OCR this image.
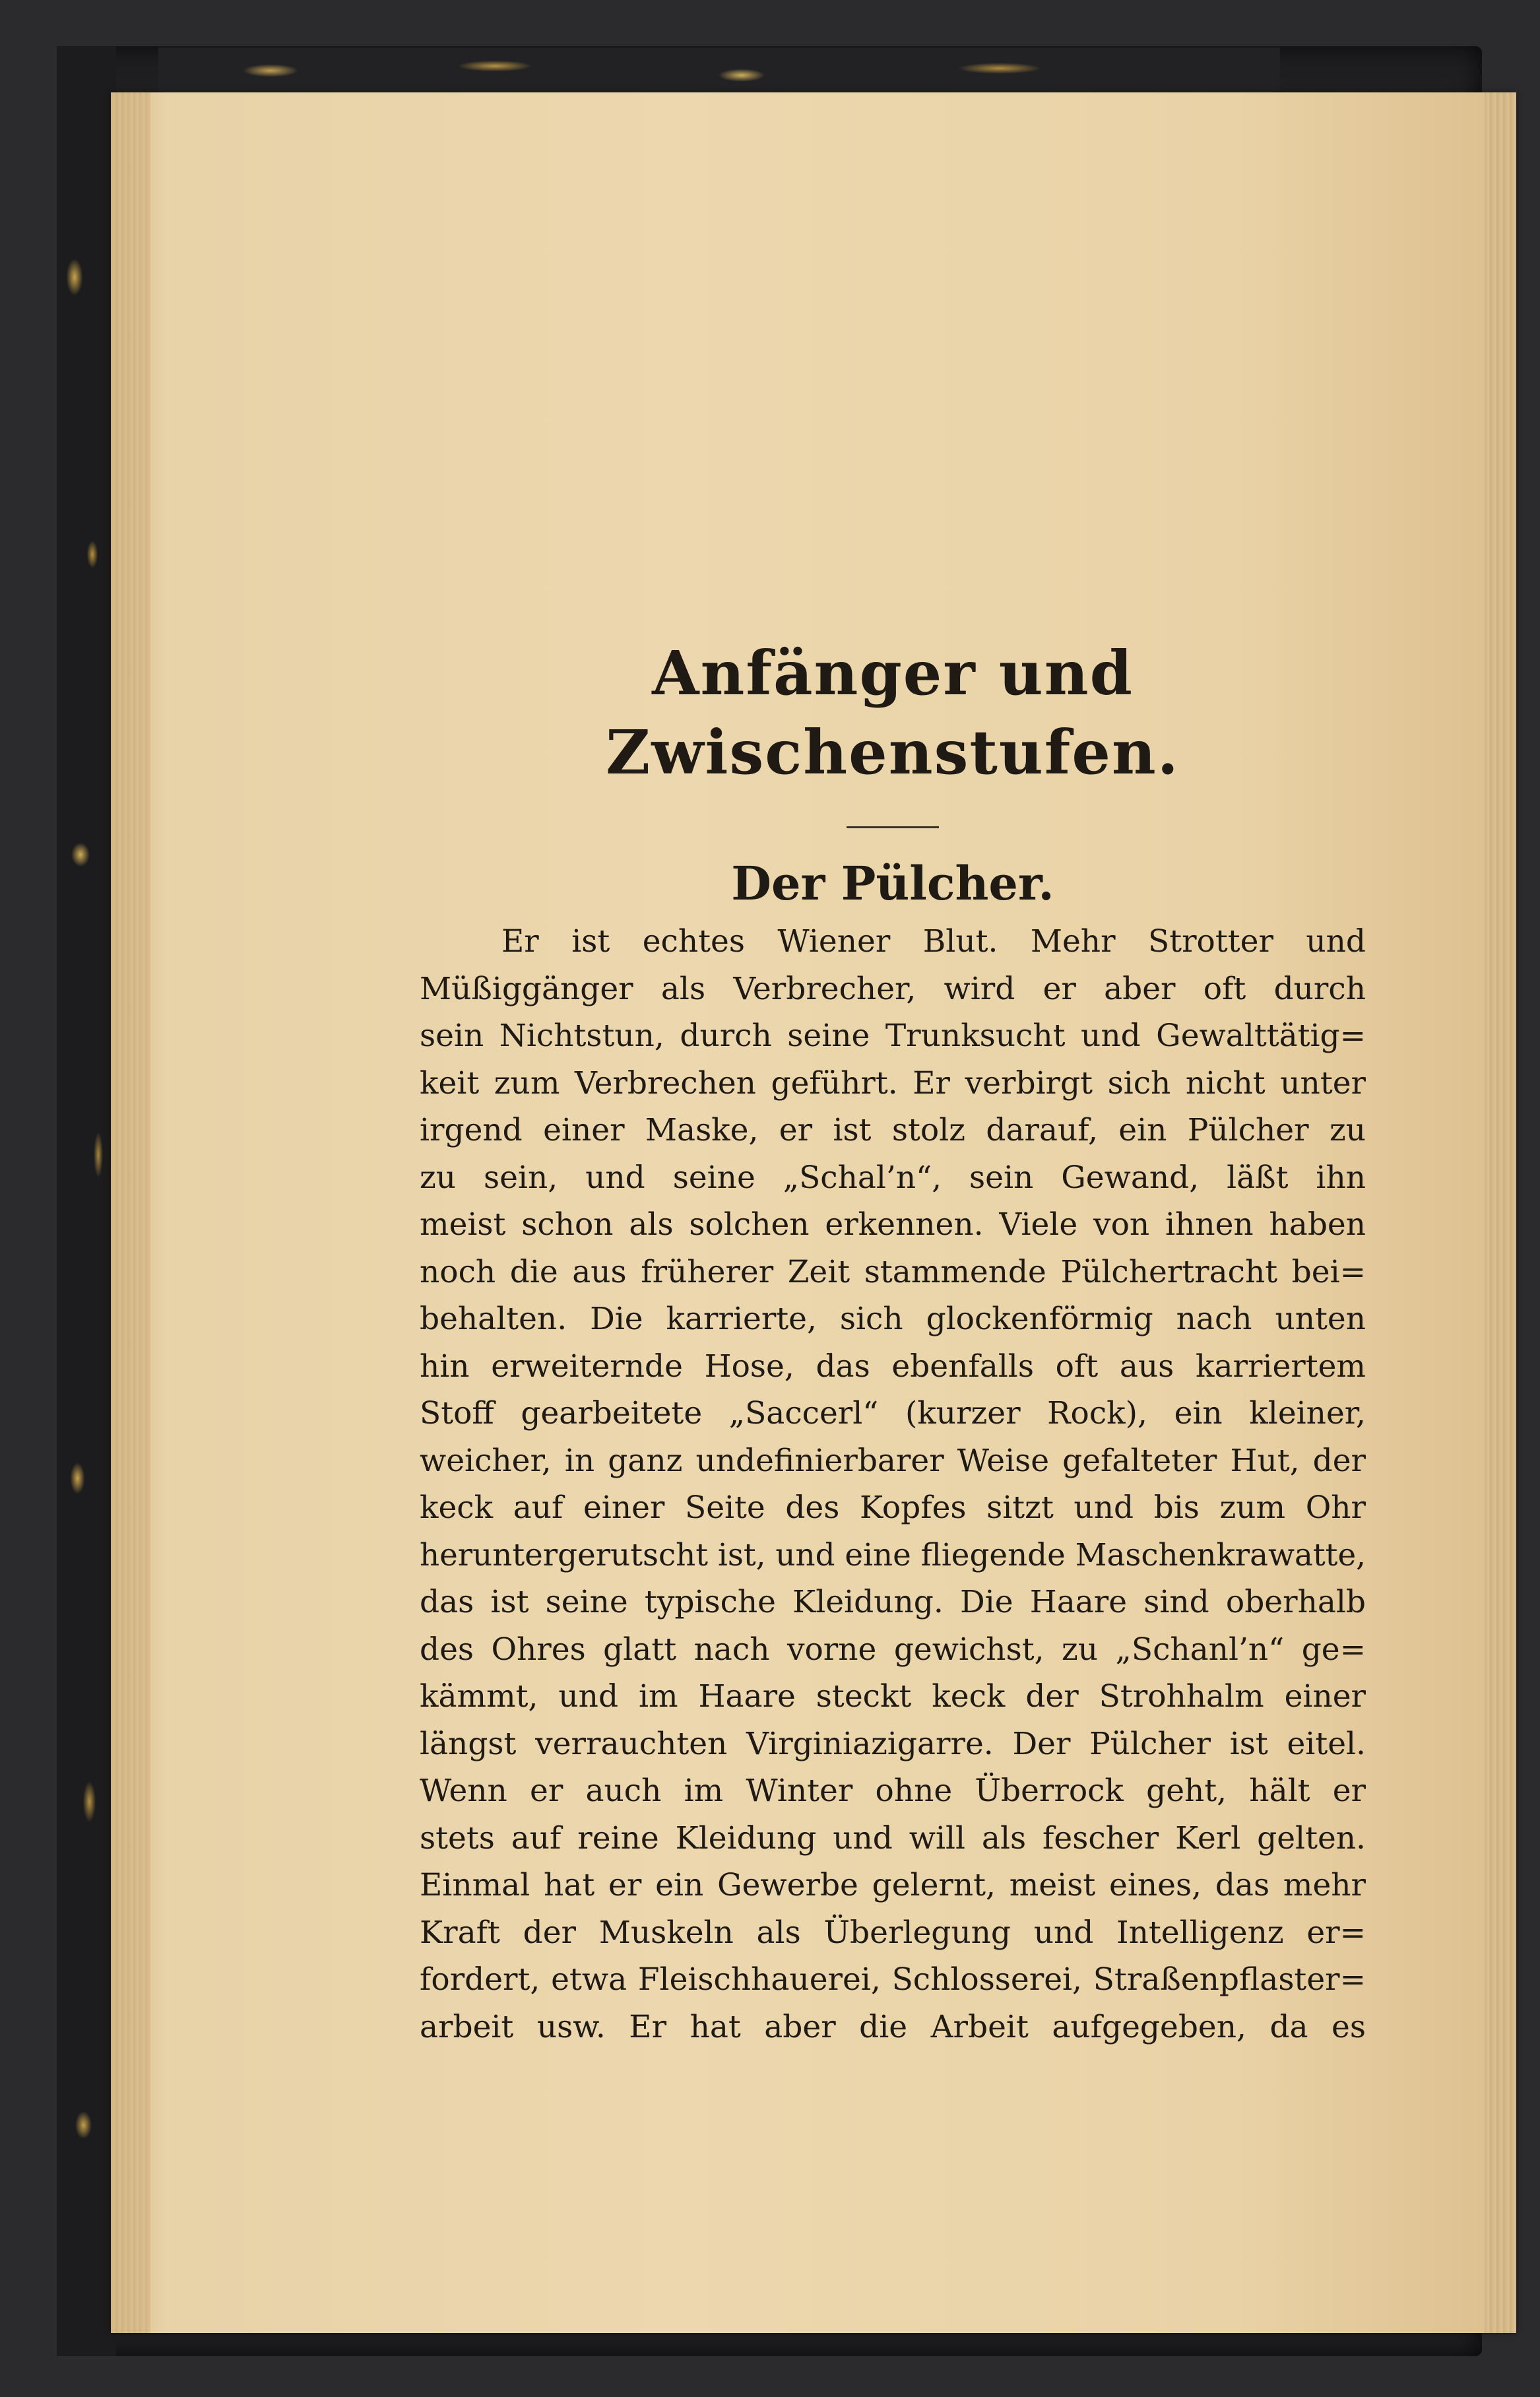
Anfänger und Zwischenstufen.
Der Pülcher.

Er ist echtes Wiener Blut. Mehr Strotter und
Müßiggänger als Verbrecher, wird er aber oft durch
sein Nichtstun, durch seine Trunksucht und Gewalttätig=
keit zum Verbrechen geführt. Er verbirgt sich nicht unter
irgend einer Maske, er ist stolz darauf, ein Pülcher zu
zu sein, und seine „Schal’n“, sein Gewand, läßt ihn
meist schon als solchen erkennen. Viele von ihnen haben
noch die aus früherer Zeit stammende Pülchertracht bei=
behalten. Die karrierte, sich glockenförmig nach unten
hin erweiternde Hose, das ebenfalls oft aus karriertem
Stoff gearbeitete „Saccerl“ (kurzer Rock), ein kleiner,
weicher, in ganz undefinierbarer Weise gefalteter Hut, der
keck auf einer Seite des Kopfes sitzt und bis zum Ohr
heruntergerutscht ist, und eine fliegende Maschenkrawatte,
das ist seine typische Kleidung. Die Haare sind oberhalb
des Ohres glatt nach vorne gewichst, zu „Schanl’n“ ge=
kämmt, und im Haare steckt keck der Strohhalm einer
längst verrauchten Virginiazigarre. Der Pülcher ist eitel.
Wenn er auch im Winter ohne Überrock geht, hält er
stets auf reine Kleidung und will als fescher Kerl gelten.
Einmal hat er ein Gewerbe gelernt, meist eines, das mehr
Kraft der Muskeln als Überlegung und Intelligenz er=
fordert, etwa Fleischhauerei, Schlosserei, Straßenpflaster=
arbeit usw. Er hat aber die Arbeit aufgegeben, da es
